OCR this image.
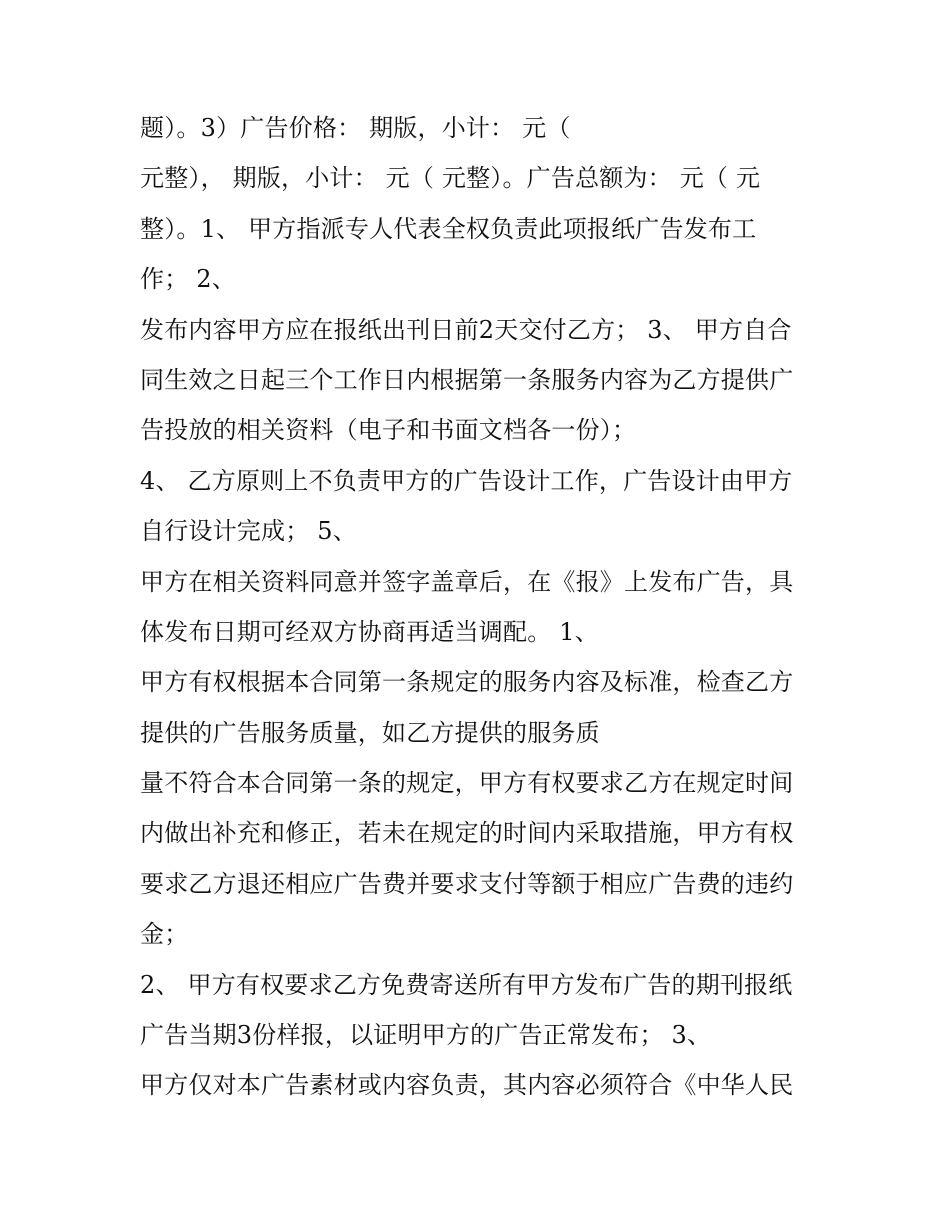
题）。3）广告价格： 期版，小计： 元（
元整）， 期版，小计： 元（ 元整）。广告总额为： 元（ 元
整）。1、 甲方指派专人代表全权负责此项报纸广告发布工
作； 2、
发布内容甲方应在报纸出刊日前2天交付乙方； 3、 甲方自合
同生效之日起三个工作日内根据第一条服务内容为乙方提供广
告投放的相关资料（电子和书面文档各一份）；
4、 乙方原则上不负责甲方的广告设计工作，广告设计由甲方
自行设计完成； 5、
甲方在相关资料同意并签字盖章后，在《报》上发布广告，具
体发布日期可经双方协商再适当调配。 1、
甲方有权根据本合同第一条规定的服务内容及标准，检查乙方
提供的广告服务质量，如乙方提供的服务质
量不符合本合同第一条的规定，甲方有权要求乙方在规定时间
内做出补充和修正，若未在规定的时间内采取措施，甲方有权
要求乙方退还相应广告费并要求支付等额于相应广告费的违约
金；
2、 甲方有权要求乙方免费寄送所有甲方发布广告的期刊报纸
广告当期3份样报，以证明甲方的广告正常发布； 3、
甲方仅对本广告素材或内容负责，其内容必须符合《中华人民
